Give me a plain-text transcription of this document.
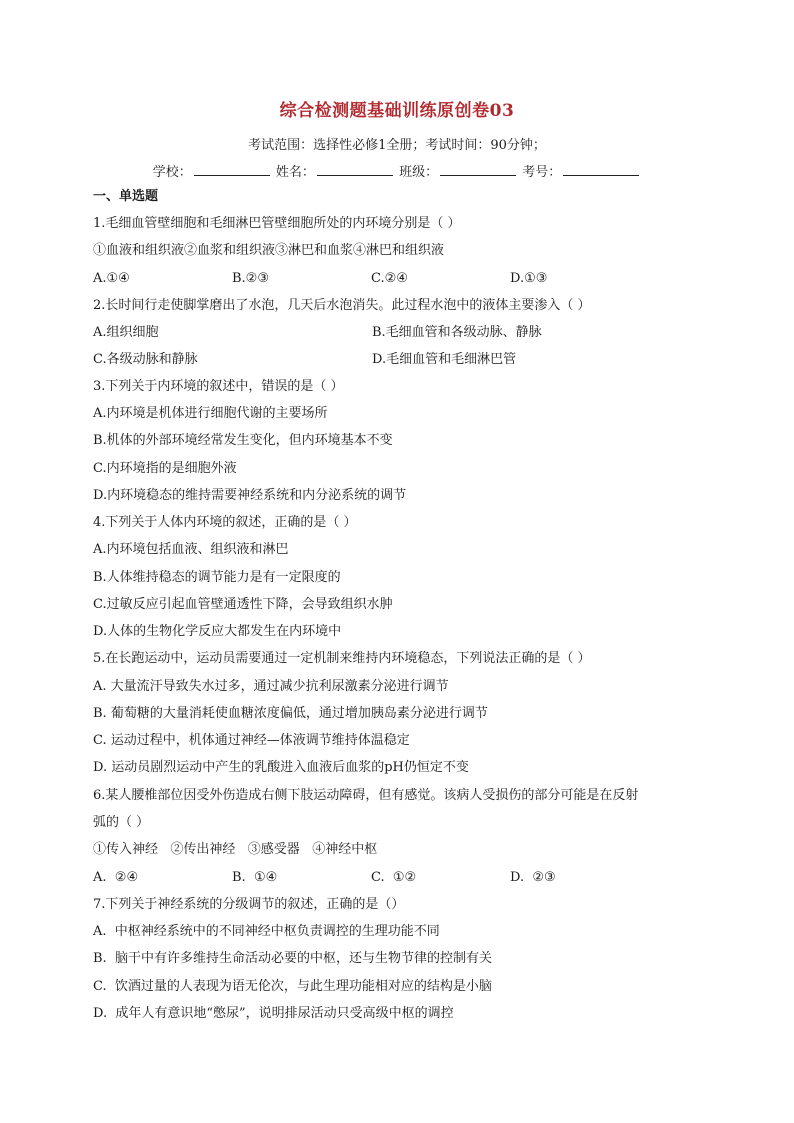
综合检测题基础训练原创卷03
考试范围：选择性必修1全册；考试时间：90分钟；
学校：	姓名：	班级：	考号：
一、单选题
1.毛细血管壁细胞和毛细淋巴管壁细胞所处的内环境分别是（ ）
①血液和组织液②血浆和组织液③淋巴和血浆④淋巴和组织液
A.①④	B.②③	C.②④	D.①③
2.长时间行走使脚掌磨出了水泡，几天后水泡消失。此过程水泡中的液体主要渗入（ ）
A.组织细胞	B.毛细血管和各级动脉、静脉
C.各级动脉和静脉	D.毛细血管和毛细淋巴管
3.下列关于内环境的叙述中，错误的是（ ）
A.内环境是机体进行细胞代谢的主要场所
B.机体的外部环境经常发生变化，但内环境基本不变
C.内环境指的是细胞外液
D.内环境稳态的维持需要神经系统和内分泌系统的调节
4.下列关于人体内环境的叙述，正确的是（ ）
A.内环境包括血液、组织液和淋巴
B.人体维持稳态的调节能力是有一定限度的
C.过敏反应引起血管壁通透性下降，会导致组织水肿
D.人体的生物化学反应大都发生在内环境中
5.在长跑运动中，运动员需要通过一定机制来维持内环境稳态，下列说法正确的是（ ）
A. 大量流汗导致失水过多，通过减少抗利尿激素分泌进行调节
B. 葡萄糖的大量消耗使血糖浓度偏低，通过增加胰岛素分泌进行调节
C. 运动过程中，机体通过神经—体液调节维持体温稳定
D. 运动员剧烈运动中产生的乳酸进入血液后血浆的pH仍恒定不变
6.某人腰椎部位因受外伤造成右侧下肢运动障碍，但有感觉。该病人受损伤的部分可能是在反射
弧的（ ）
①传入神经   ②传出神经   ③感受器   ④神经中枢
A.  ②④	B.  ①④	C.  ①②	D.  ②③
7.下列关于神经系统的分级调节的叙述，正确的是（）
A.  中枢神经系统中的不同神经中枢负责调控的生理功能不同
B.  脑干中有许多维持生命活动必要的中枢，还与生物节律的控制有关
C.  饮酒过量的人表现为语无伦次，与此生理功能相对应的结构是小脑
D.  成年人有意识地“憋尿”，说明排尿活动只受高级中枢的调控
